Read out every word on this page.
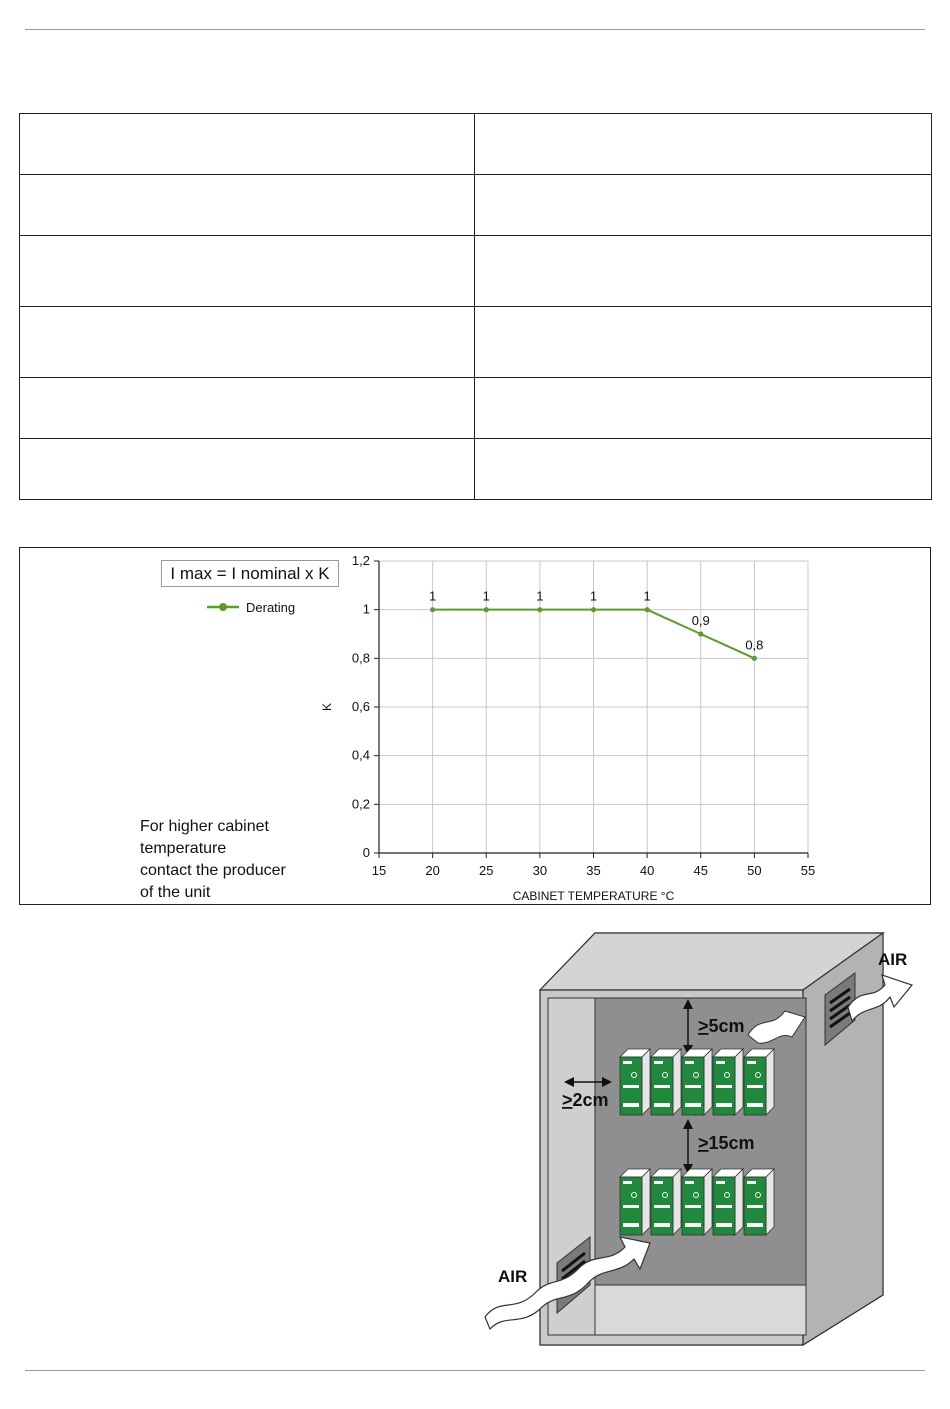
I max = I nominal x K
Derating
For higher cabinet
temperature
contact the producer
of the unit
15	20	25	30	35	40	45	50	55
0
0,2
0,4
0,6
0,8
1
1,2
1	1	1	1	1
0,9
0,8
CABINET TEMPERATURE °C
K
AIR
AIR
>5cm
>2cm
>15cm
